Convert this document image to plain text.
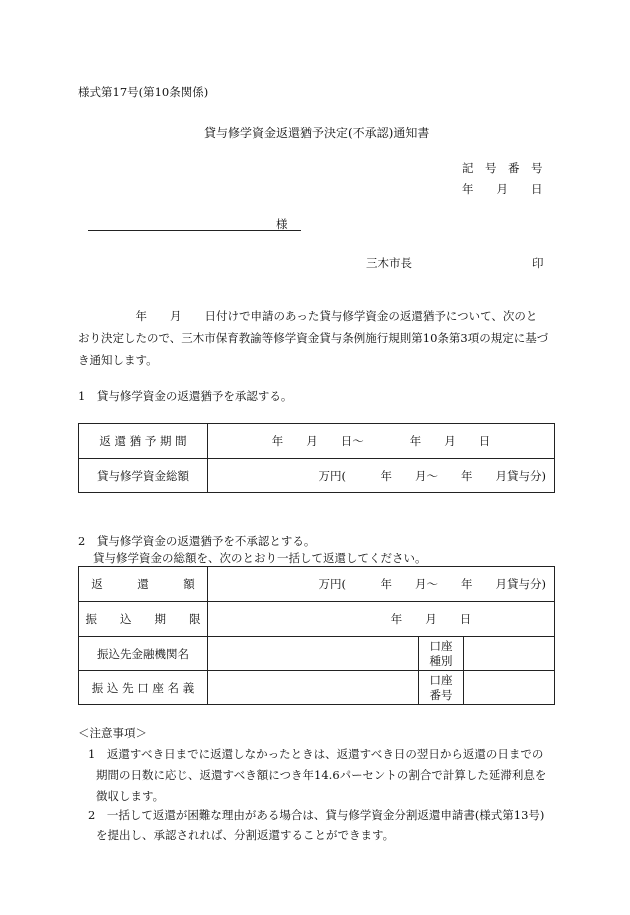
様式第17号(第10条関係)
貸与修学資金返還猶予決定(不承認)通知書
記　号　番　号
年　　月　　日
様
三木市長	印
　　　　　年　　月　　日付けで申請のあった貸与修学資金の返還猶予について、次のと
おり決定したので、三木市保育教諭等修学資金貸与条例施行規則第10条第3項の規定に基づ
き通知します。
1　貸与修学資金の返還猶予を承認する。
返 還 猶 予 期 間	年　　月　　日～　　　　年　　月　　日
貸与修学資金総額	万円(　　　年　　月～　　年　　月貸与分)
2　貸与修学資金の返還猶予を不承認とする。
貸与修学資金の総額を、次のとおり一括して返還してください。
返　　　還　　　額	万円(　　　年　　月～　　年　　月貸与分)		
振　　込　　期　　限	年　　月　　日		
振込先金融機関名		口座
種別	
振 込 先 口 座 名 義		口座
番号	
＜注意事項＞
1　返還すべき日までに返還しなかったときは、返還すべき日の翌日から返還の日までの
期間の日数に応じ、返還すべき額につき年14.6パーセントの割合で計算した延滞利息を
徴収します。
2　一括して返還が困難な理由がある場合は、貸与修学資金分割返還申請書(様式第13号)
を提出し、承認されれば、分割返還することができます。
